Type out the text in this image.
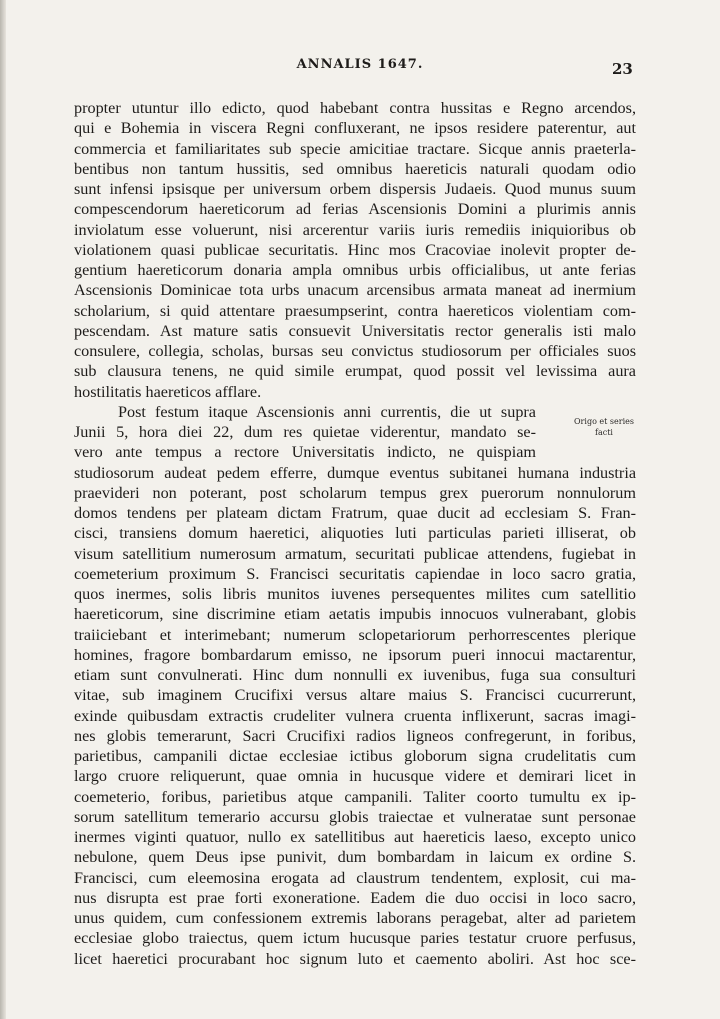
ANNALIS 1647.	23
Origo et series
facti
propter utuntur illo edicto, quod habebant contra hussitas e Regno arcendos,
qui e Bohemia in viscera Regni confluxerant, ne ipsos residere paterentur, aut
commercia et familiaritates sub specie amicitiae tractare. Sicque annis praeterla-
bentibus non tantum hussitis, sed omnibus haereticis naturali quodam odio
sunt infensi ipsisque per universum orbem dispersis Judaeis. Quod munus suum
compescendorum haereticorum ad ferias Ascensionis Domini a plurimis annis
inviolatum esse voluerunt, nisi arcerentur variis iuris remediis iniquioribus ob
violationem quasi publicae securitatis. Hinc mos Cracoviae inolevit propter de-
gentium haereticorum donaria ampla omnibus urbis officialibus, ut ante ferias
Ascensionis Dominicae tota urbs unacum arcensibus armata maneat ad inermium
scholarium, si quid attentare praesumpserint, contra haereticos violentiam com-
pescendam. Ast mature satis consuevit Universitatis rector generalis isti malo
consulere, collegia, scholas, bursas seu convictus studiosorum per officiales suos
sub clausura tenens, ne quid simile erumpat, quod possit vel levissima aura
hostilitatis haereticos afflare.
Post festum itaque Ascensionis anni currentis, die ut supra
Junii 5, hora diei 22, dum res quietae viderentur, mandato se-
vero ante tempus a rectore Universitatis indicto, ne quispiam
studiosorum audeat pedem efferre, dumque eventus subitanei humana industria
praevideri non poterant, post scholarum tempus grex puerorum nonnulorum
domos tendens per plateam dictam Fratrum, quae ducit ad ecclesiam S. Fran-
cisci, transiens domum haeretici, aliquoties luti particulas parieti illiserat, ob
visum satellitium numerosum armatum, securitati publicae attendens, fugiebat in
coemeterium proximum S. Francisci securitatis capiendae in loco sacro gratia,
quos inermes, solis libris munitos iuvenes persequentes milites cum satellitio
haereticorum, sine discrimine etiam aetatis impubis innocuos vulnerabant, globis
traiiciebant et interimebant; numerum sclopetariorum perhorrescentes plerique
homines, fragore bombardarum emisso, ne ipsorum pueri innocui mactarentur,
etiam sunt convulnerati. Hinc dum nonnulli ex iuvenibus, fuga sua consulturi
vitae, sub imaginem Crucifixi versus altare maius S. Francisci cucurrerunt,
exinde quibusdam extractis crudeliter vulnera cruenta inflixerunt, sacras imagi-
nes globis temerarunt, Sacri Crucifixi radios ligneos confregerunt, in foribus,
parietibus, campanili dictae ecclesiae ictibus globorum signa crudelitatis cum
largo cruore reliquerunt, quae omnia in hucusque videre et demirari licet in
coemeterio, foribus, parietibus atque campanili. Taliter coorto tumultu ex ip-
sorum satellitum temerario accursu globis traiectae et vulneratae sunt personae
inermes viginti quatuor, nullo ex satellitibus aut haereticis laeso, excepto unico
nebulone, quem Deus ipse punivit, dum bombardam in laicum ex ordine S.
Francisci, cum eleemosina erogata ad claustrum tendentem, explosit, cui ma-
nus disrupta est prae forti exoneratione. Eadem die duo occisi in loco sacro,
unus quidem, cum confessionem extremis laborans peragebat, alter ad parietem
ecclesiae globo traiectus, quem ictum hucusque paries testatur cruore perfusus,
licet haeretici procurabant hoc signum luto et caemento aboliri. Ast hoc sce-
